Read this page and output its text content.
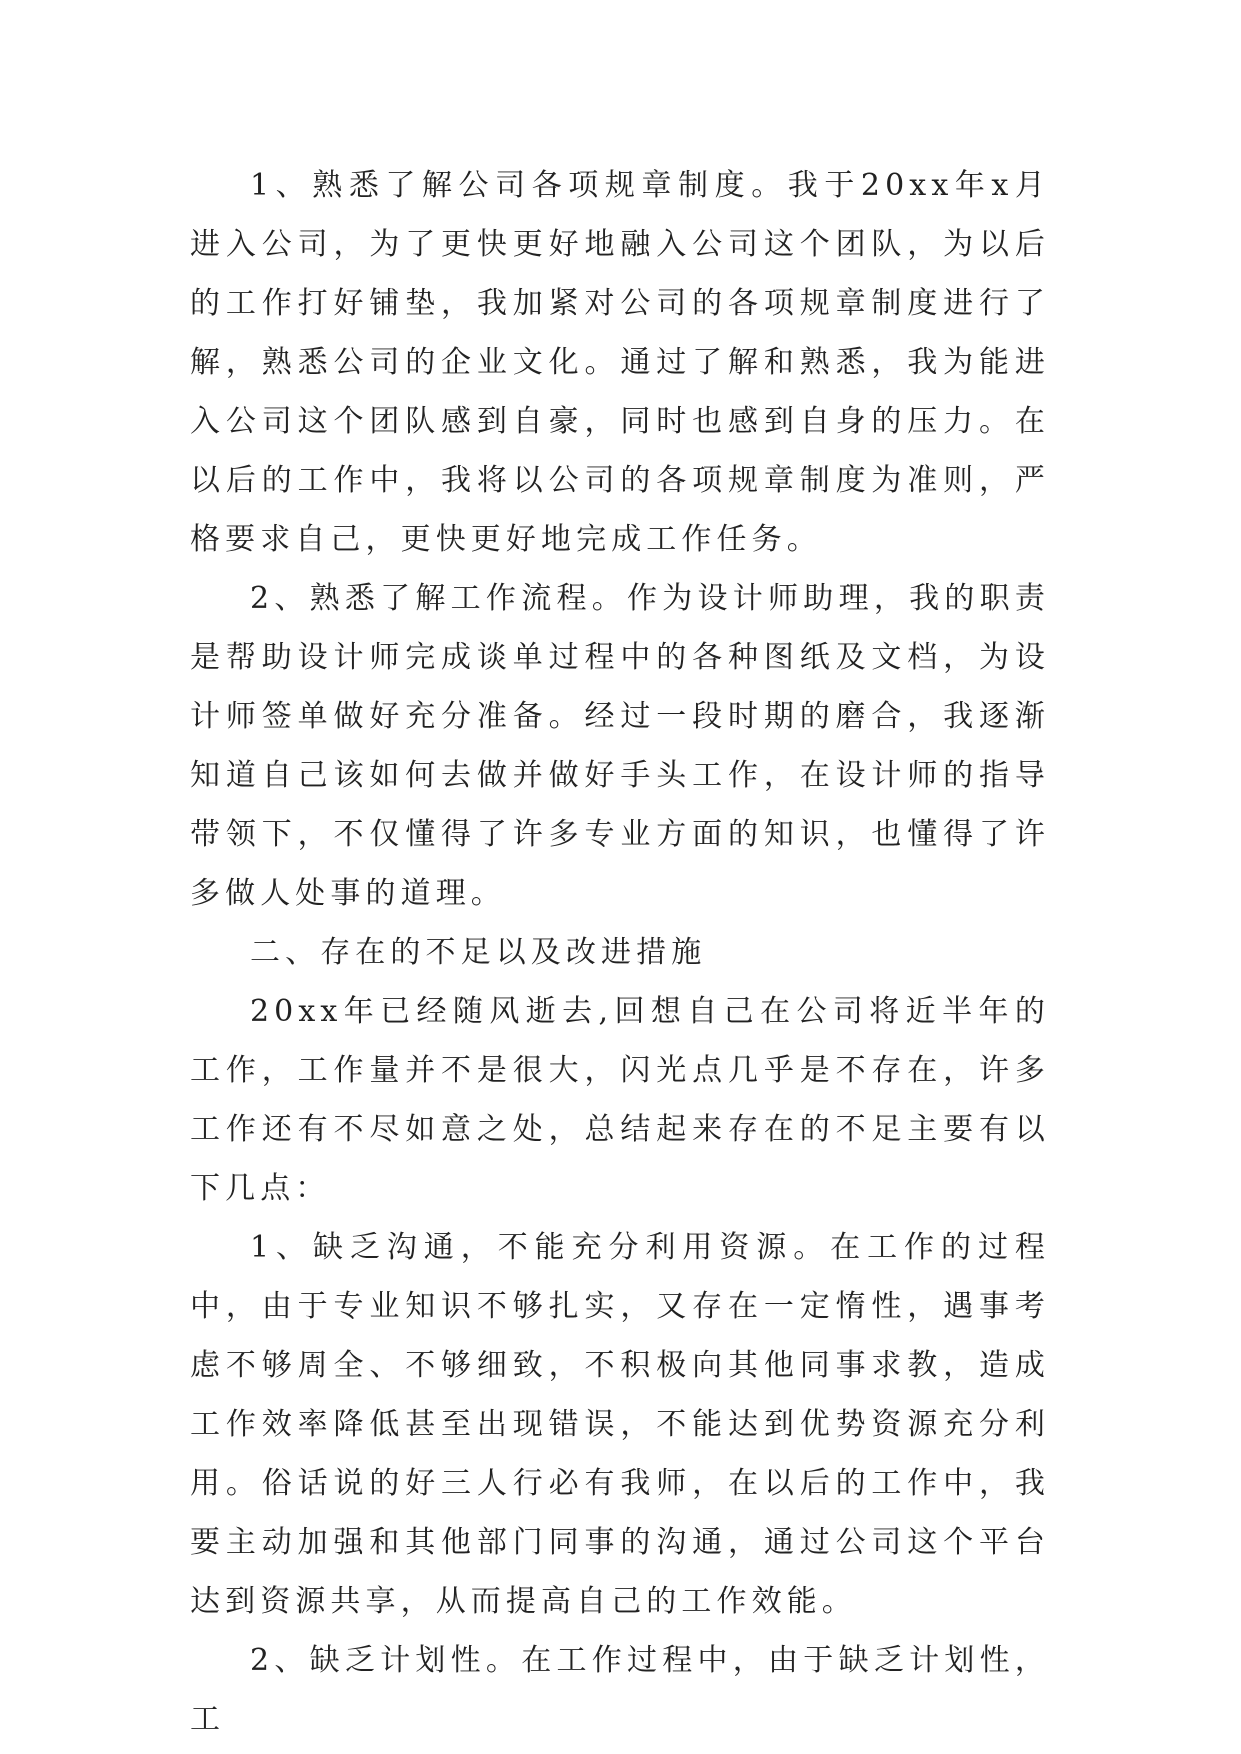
1、熟悉了解公司各项规章制度。我于20xx年x月进入公司，为了更快更好地融入公司这个团队，为以后的工作打好铺垫，我加紧对公司的各项规章制度进行了解，熟悉公司的企业文化。通过了解和熟悉，我为能进入公司这个团队感到自豪，同时也感到自身的压力。在以后的工作中，我将以公司的各项规章制度为准则，严格要求自己，更快更好地完成工作任务。

2、熟悉了解工作流程。作为设计师助理，我的职责是帮助设计师完成谈单过程中的各种图纸及文档，为设计师签单做好充分准备。经过一段时期的磨合，我逐渐知道自己该如何去做并做好手头工作，在设计师的指导带领下，不仅懂得了许多专业方面的知识，也懂得了许多做人处事的道理。

二、存在的不足以及改进措施

20xx年已经随风逝去,回想自己在公司将近半年的工作，工作量并不是很大，闪光点几乎是不存在，许多工作还有不尽如意之处，总结起来存在的不足主要有以下几点：

1、缺乏沟通，不能充分利用资源。在工作的过程中，由于专业知识不够扎实，又存在一定惰性，遇事考虑不够周全、不够细致，不积极向其他同事求教，造成工作效率降低甚至出现错误，不能达到优势资源充分利用。俗话说的好三人行必有我师，在以后的工作中，我要主动加强和其他部门同事的沟通，通过公司这个平台达到资源共享，从而提高自己的工作效能。

2、缺乏计划性。在工作过程中，由于缺乏计划性，工
